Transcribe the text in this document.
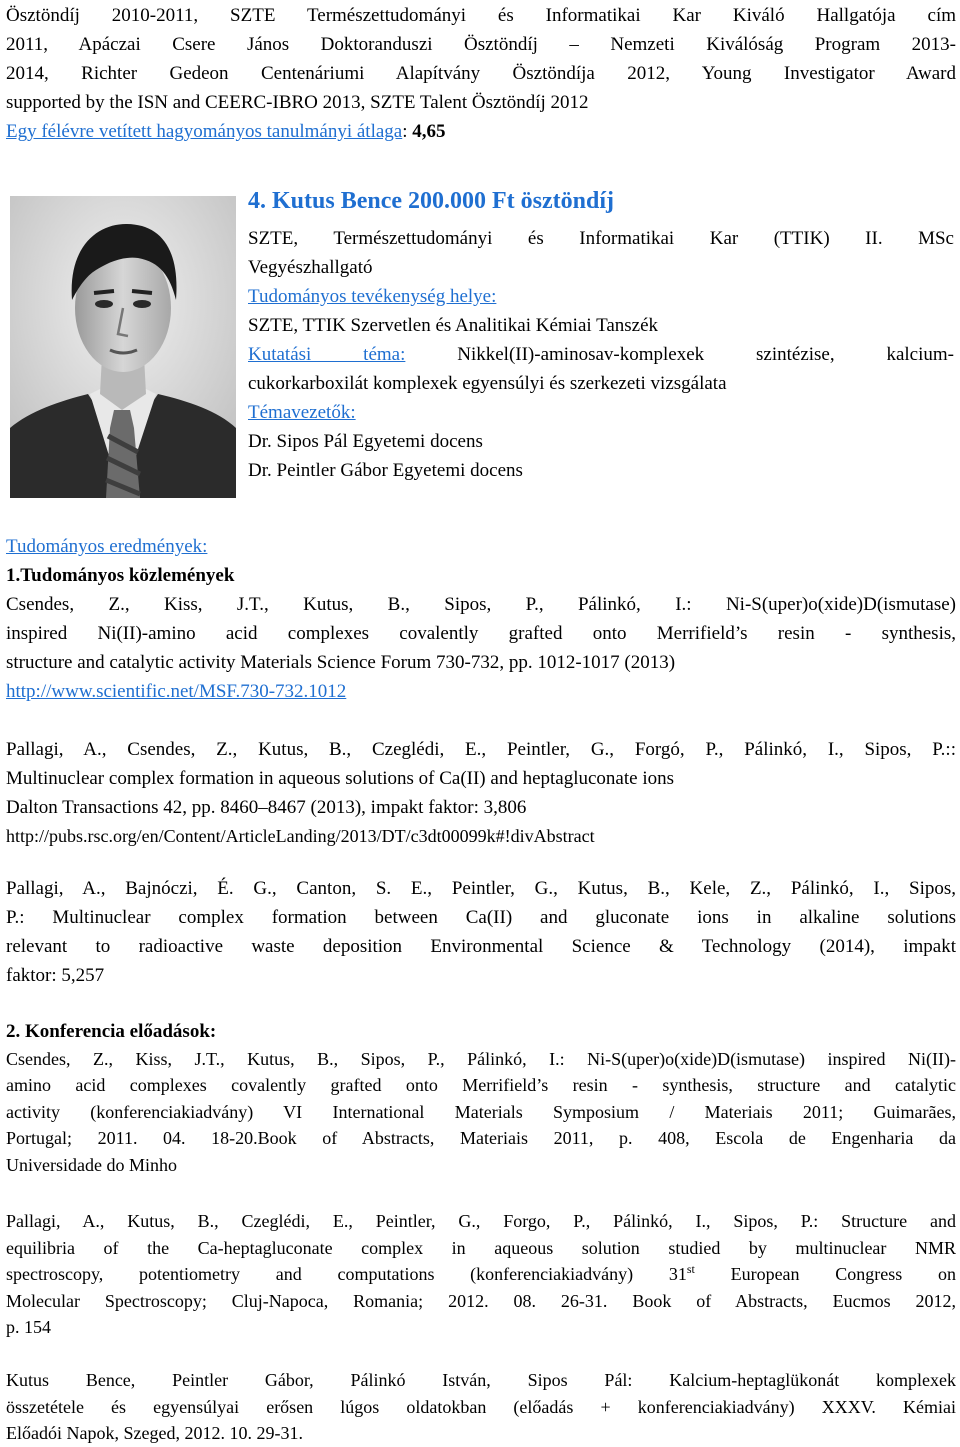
Ösztöndíj 2010-2011, SZTE Természettudományi és Informatikai Kar Kiváló Hallgatója cím

2011, Apáczai Csere János Doktoranduszi Ösztöndíj – Nemzeti Kiválóság Program 2013-

2014, Richter Gedeon Centenáriumi Alapítvány Ösztöndíja 2012, Young Investigator Award

supported by the ISN and CEERC-IBRO 2013, SZTE Talent Ösztöndíj 2012

Egy félévre vetített hagyományos tanulmányi átlaga: 4,65

4. Kutus Bence 200.000 Ft ösztöndíj

SZTE, Természettudományi és Informatikai Kar (TTIK) II. MSc

Vegyészhallgató

Tudományos tevékenység helye:

SZTE, TTIK Szervetlen és Analitikai Kémiai Tanszék

Kutatási téma: Nikkel(II)-aminosav-komplexek szintézise, kalcium-

cukorkarboxilát komplexek egyensúlyi és szerkezeti vizsgálata

Témavezetők:

Dr. Sipos Pál Egyetemi docens

Dr. Peintler Gábor Egyetemi docens

Tudományos eredmények:

1.Tudományos közlemények

Csendes, Z., Kiss, J.T., Kutus, B., Sipos, P., Pálinkó, I.: Ni-S(uper)o(xide)D(ismutase)

inspired Ni(II)-amino acid complexes covalently grafted onto Merrifield’s resin - synthesis,

structure and catalytic activity Materials Science Forum 730-732, pp. 1012-1017 (2013)

http://www.scientific.net/MSF.730-732.1012

Pallagi, A., Csendes, Z., Kutus, B., Czeglédi, E., Peintler, G., Forgó, P., Pálinkó, I., Sipos, P.::

Multinuclear complex formation in aqueous solutions of Ca(II) and heptagluconate ions

Dalton Transactions 42, pp. 8460–8467 (2013), impakt faktor: 3,806

http://pubs.rsc.org/en/Content/ArticleLanding/2013/DT/c3dt00099k#!divAbstract

Pallagi, A., Bajnóczi, É. G., Canton, S. E., Peintler, G., Kutus, B., Kele, Z., Pálinkó, I., Sipos,

P.: Multinuclear complex formation between Ca(II) and gluconate ions in alkaline solutions

relevant to radioactive waste deposition Environmental Science & Technology (2014), impakt

faktor: 5,257

2. Konferencia előadások:

Csendes, Z., Kiss, J.T., Kutus, B., Sipos, P., Pálinkó, I.: Ni-S(uper)o(xide)D(ismutase) inspired Ni(II)-

amino acid complexes covalently grafted onto Merrifield’s resin - synthesis, structure and catalytic

activity (konferenciakiadvány) VI International Materials Symposium / Materiais 2011; Guimarães,

Portugal; 2011. 04. 18-20.Book of Abstracts, Materiais 2011, p. 408, Escola de Engenharia da

Universidade do Minho

Pallagi, A., Kutus, B., Czeglédi, E., Peintler, G., Forgo, P., Pálinkó, I., Sipos, P.: Structure and

equilibria of the Ca-heptagluconate complex in aqueous solution studied by multinuclear NMR

spectroscopy, potentiometry and computations (konferenciakiadvány) 31st European Congress on

Molecular Spectroscopy; Cluj-Napoca, Romania; 2012. 08. 26-31. Book of Abstracts, Eucmos 2012,

p. 154

Kutus Bence, Peintler Gábor, Pálinkó István, Sipos Pál: Kalcium-heptaglükonát komplexek

összetétele és egyensúlyai erősen lúgos oldatokban (előadás + konferenciakiadvány) XXXV. Kémiai

Előadói Napok, Szeged, 2012. 10. 29-31.
